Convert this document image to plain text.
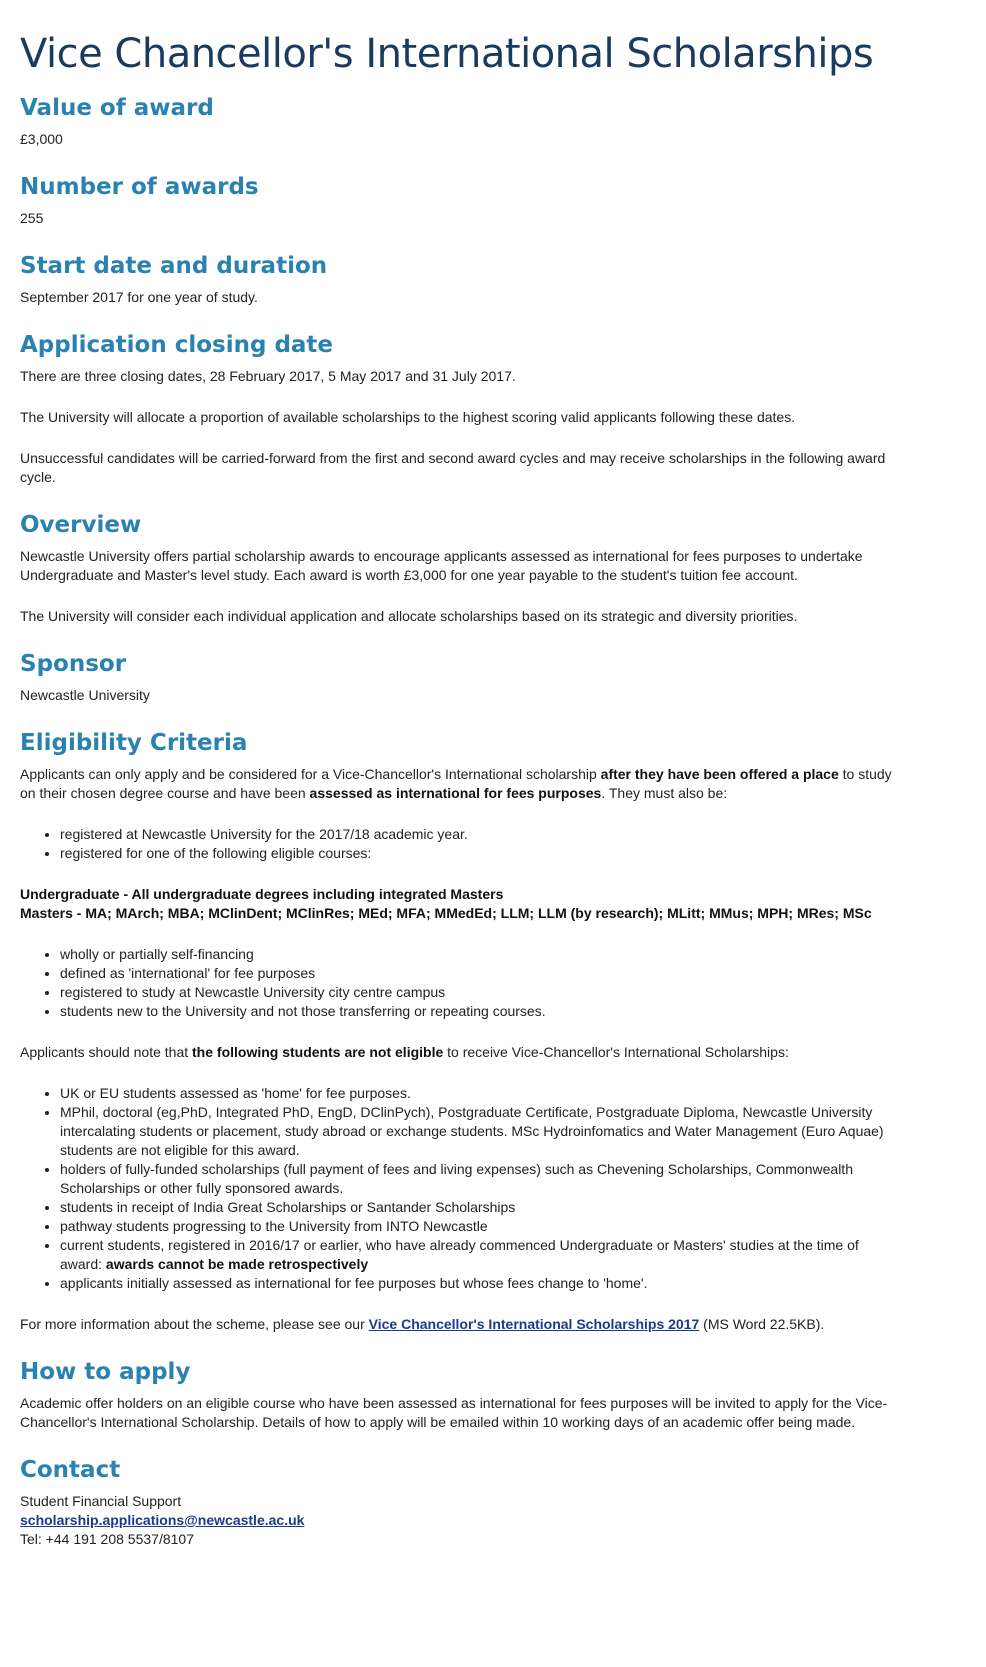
Vice Chancellor's International Scholarships
Value of award

£3,000

Number of awards

255

Start date and duration

September 2017 for one year of study.

Application closing date

There are three closing dates, 28 February 2017, 5 May 2017 and 31 July 2017.

The University will allocate a proportion of available scholarships to the highest scoring valid applicants following these dates.

Unsuccessful candidates will be carried-forward from the first and second award cycles and may receive scholarships in the following award cycle.

Overview

Newcastle University offers partial scholarship awards to encourage applicants assessed as international for fees purposes to undertake Undergraduate and Master's level study. Each award is worth £3,000 for one year payable to the student's tuition fee account.

The University will consider each individual application and allocate scholarships based on its strategic and diversity priorities.

Sponsor

Newcastle University

Eligibility Criteria

Applicants can only apply and be considered for a Vice-Chancellor's International scholarship after they have been offered a place to study on their chosen degree course and have been assessed as international for fees purposes. They must also be:

• registered at Newcastle University for the 2017/18 academic year.
• registered for one of the following eligible courses:

Undergraduate - All undergraduate degrees including integrated Masters

Masters - MA; MArch; MBA; MClinDent; MClinRes; MEd; MFA; MMedEd; LLM; LLM (by research); MLitt; MMus; MPH; MRes; MSc

• wholly or partially self-financing
• defined as 'international' for fee purposes
• registered to study at Newcastle University city centre campus
• students new to the University and not those transferring or repeating courses.

Applicants should note that the following students are not eligible to receive Vice-Chancellor's International Scholarships:

• UK or EU students assessed as 'home' for fee purposes.
• MPhil, doctoral (eg,PhD, Integrated PhD, EngD, DClinPych), Postgraduate Certificate, Postgraduate Diploma, Newcastle University intercalating students or placement, study abroad or exchange students. MSc Hydroinfomatics and Water Management (Euro Aquae) students are not eligible for this award.
• holders of fully-funded scholarships (full payment of fees and living expenses) such as Chevening Scholarships, Commonwealth Scholarships or other fully sponsored awards.
• students in receipt of India Great Scholarships or Santander Scholarships
• pathway students progressing to the University from INTO Newcastle
• current students, registered in 2016/17 or earlier, who have already commenced Undergraduate or Masters' studies at the time of award: awards cannot be made retrospectively
• applicants initially assessed as international for fee purposes but whose fees change to 'home'.

For more information about the scheme, please see our Vice Chancellor's International Scholarships 2017 (MS Word 22.5KB).

How to apply

Academic offer holders on an eligible course who have been assessed as international for fees purposes will be invited to apply for the Vice-Chancellor's International Scholarship. Details of how to apply will be emailed within 10 working days of an academic offer being made.

Contact

Student Financial Support

scholarship.applications@newcastle.ac.uk

Tel: +44 191 208 5537/8107
